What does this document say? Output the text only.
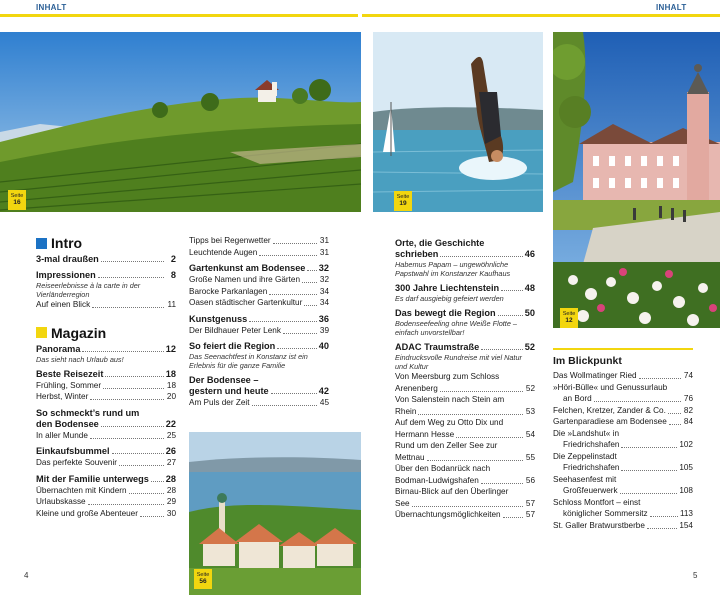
INHALT	INHALT
Seite
16
Seite
19
Seite
12
Seite
56
Intro
3-mal draußen	2
Impressionen	8
Reiseerlebnisse à la carte in der Vierländerregion
Auf einen Blick	11
Magazin
Panorama	12
Das sieht nach Urlaub aus!
Beste Reisezeit	18
Frühling, Sommer	18
Herbst, Winter	20
So schmeckt’s rund um
den Bodensee	22
In aller Munde	25
Einkaufsbummel	26
Das perfekte Souvenir	27
Mit der Familie unterwegs 28
Übernachten mit Kindern	28
Urlaubskasse	29
Kleine und große Abenteuer	30
Tipps bei Regenwetter	31
Leuchtende Augen	31
Gartenkunst am Bodensee 32
Große Namen und ihre Gärten 32
Barocke Parkanlagen	34
Oasen städtischer Gartenkultur 34
Kunstgenuss	36
Der Bildhauer Peter Lenk	39
So feiert die Region	40
Das Seenachtfest in Konstanz ist ein Erlebnis für die ganze Familie
Der Bodensee –
gestern und heute	42
Am Puls der Zeit	45
Orte, die Geschichte
schrieben	46
Habemus Papam – ungewöhnliche Papstwahl im Konstanzer Kaufhaus
300 Jahre Liechtenstein	48
Es darf ausgiebig gefeiert werden
Das bewegt die Region	50
Bodenseefeeling ohne Weiße Flotte – einfach unvorstellbar!
ADAC Traumstraße	52
Eindrucksvolle Rundreise mit viel Natur und Kultur
Von Meersburg zum Schloss
Arenenberg	52
Von Salenstein nach Stein am
Rhein	53
Auf dem Weg zu Otto Dix und
Hermann Hesse	54
Rund um den Zeller See zur
Mettnau	55
Über den Bodanrück nach
Bodman-Ludwigshafen	56
Birnau-Blick auf den Überlinger
See	57
Übernachtungsmöglichkeiten	57
Im Blickpunkt
Das Wollmatinger Ried	74
»Höri-Bülle« und Genussurlaub
an Bord	76
Felchen, Kretzer, Zander & Co. 82
Gartenparadiese am Bodensee 84
Die »Landshut« in
Friedrichshafen	102
Die Zeppelinstadt
Friedrichshafen	105
Seehasenfest mit
Großfeuerwerk	108
Schloss Montfort – einst
königlicher Sommersitz	113
St. Galler Bratwurstberbe	154
4	5
